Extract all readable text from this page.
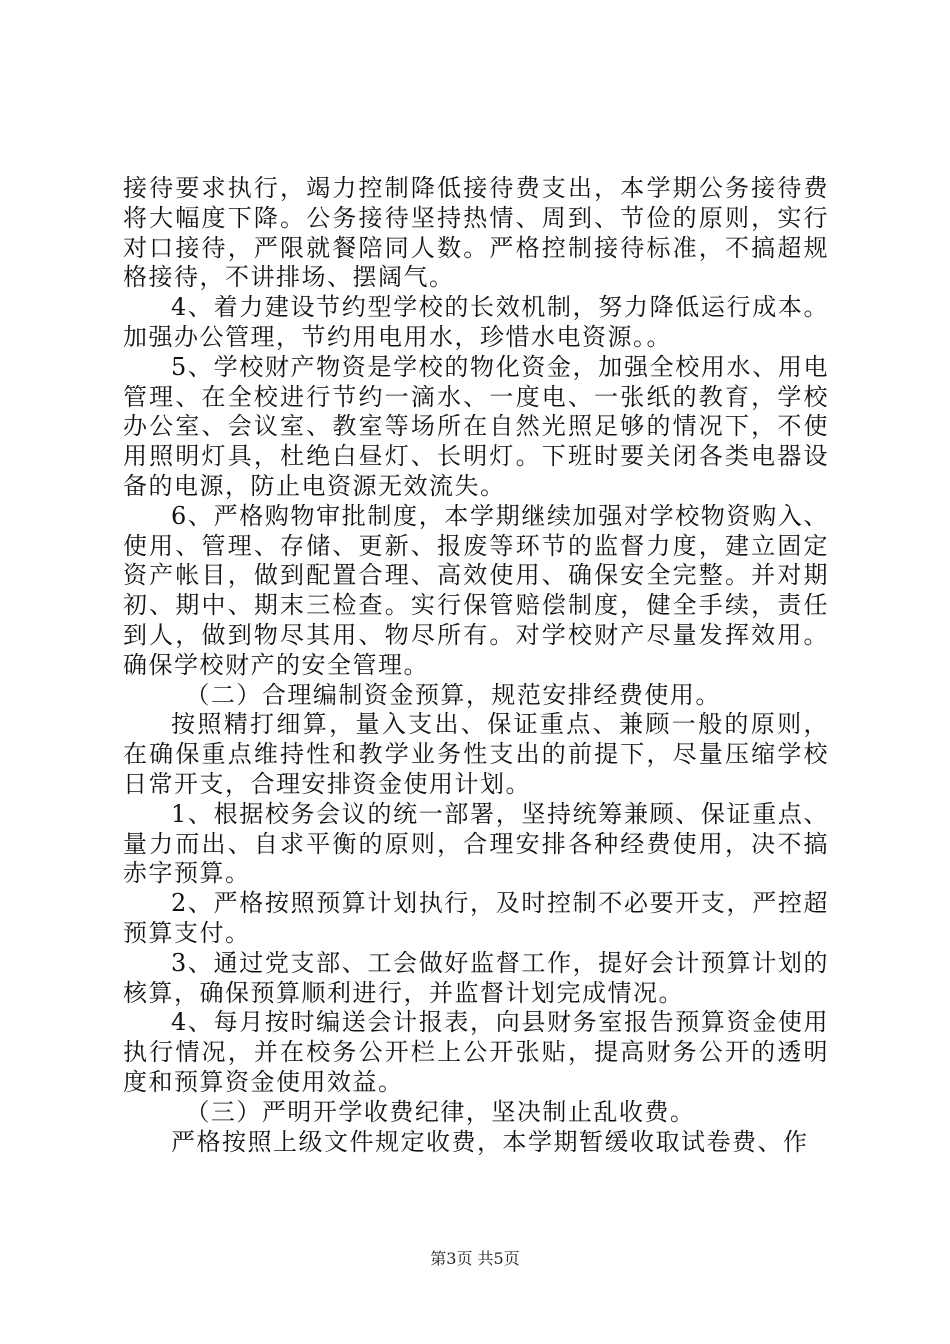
接待要求执行，竭力控制降低接待费支出，本学期公务接待费将大幅度下降。公务接待坚持热情、周到、节俭的原则，实行对口接待，严限就餐陪同人数。严格控制接待标准，不搞超规格接待，不讲排场、摆阔气。

4、着力建设节约型学校的长效机制，努力降低运行成本。加强办公管理，节约用电用水，珍惜水电资源。。

5、学校财产物资是学校的物化资金，加强全校用水、用电管理、在全校进行节约一滴水、一度电、一张纸的教育，学校办公室、会议室、教室等场所在自然光照足够的情况下，不使用照明灯具，杜绝白昼灯、长明灯。下班时要关闭各类电器设备的电源，防止电资源无效流失。

6、严格购物审批制度，本学期继续加强对学校物资购入、使用、管理、存储、更新、报废等环节的监督力度，建立固定资产帐目，做到配置合理、高效使用、确保安全完整。并对期初、期中、期末三检查。实行保管赔偿制度，健全手续，责任到人，做到物尽其用、物尽所有。对学校财产尽量发挥效用。确保学校财产的安全管理。

（二）合理编制资金预算，规范安排经费使用。

按照精打细算，量入支出、保证重点、兼顾一般的原则，在确保重点维持性和教学业务性支出的前提下，尽量压缩学校日常开支，合理安排资金使用计划。

1、根据校务会议的统一部署，坚持统筹兼顾、保证重点、量力而出、自求平衡的原则，合理安排各种经费使用，决不搞赤字预算。

2、严格按照预算计划执行，及时控制不必要开支，严控超预算支付。

3、通过党支部、工会做好监督工作，提好会计预算计划的核算，确保预算顺利进行，并监督计划完成情况。

4、每月按时编送会计报表，向县财务室报告预算资金使用执行情况，并在校务公开栏上公开张贴，提高财务公开的透明度和预算资金使用效益。

（三）严明开学收费纪律，坚决制止乱收费。

严格按照上级文件规定收费，本学期暂缓收取试卷费、作

第3页 共5页
